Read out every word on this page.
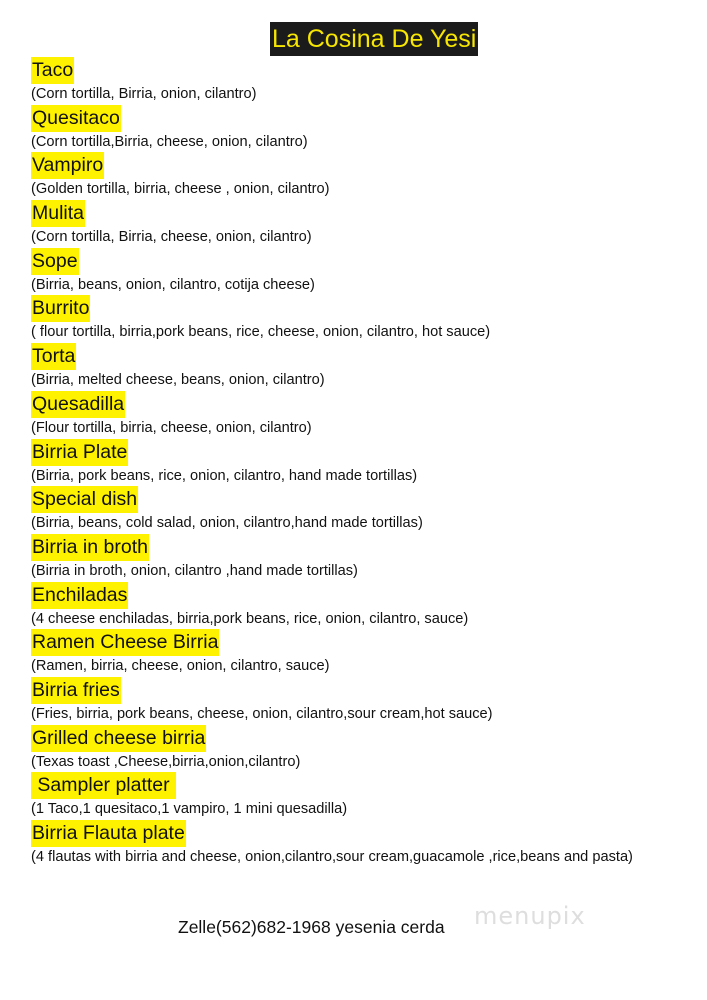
La Cosina De Yesi
Taco
(Corn tortilla, Birria, onion, cilantro)
Quesitaco
(Corn tortilla,Birria, cheese, onion, cilantro)
Vampiro
(Golden tortilla, birria, cheese , onion, cilantro)
Mulita
(Corn tortilla, Birria, cheese, onion, cilantro)
Sope
(Birria, beans, onion, cilantro, cotija cheese)
Burrito
( flour tortilla, birria,pork beans, rice, cheese, onion, cilantro, hot sauce)
Torta
(Birria, melted cheese, beans, onion, cilantro)
Quesadilla
(Flour tortilla, birria, cheese, onion, cilantro)
Birria Plate
(Birria, pork beans, rice, onion, cilantro, hand made tortillas)
Special dish
(Birria, beans, cold salad, onion, cilantro,hand made tortillas)
Birria in broth
(Birria in broth, onion, cilantro ,hand made tortillas)
Enchiladas
(4 cheese enchiladas, birria,pork beans, rice, onion, cilantro, sauce)
Ramen Cheese Birria
(Ramen, birria, cheese, onion, cilantro, sauce)
Birria fries
(Fries, birria, pork beans, cheese, onion, cilantro,sour cream,hot sauce)
Grilled cheese birria
(Texas toast ,Cheese,birria,onion,cilantro)
Sampler platter
(1 Taco,1 quesitaco,1 vampiro, 1 mini quesadilla)
Birria Flauta plate
(4 flautas with birria and cheese, onion,cilantro,sour cream,guacamole ,rice,beans and pasta)
menupix
Zelle(562)682-1968 yesenia cerda
